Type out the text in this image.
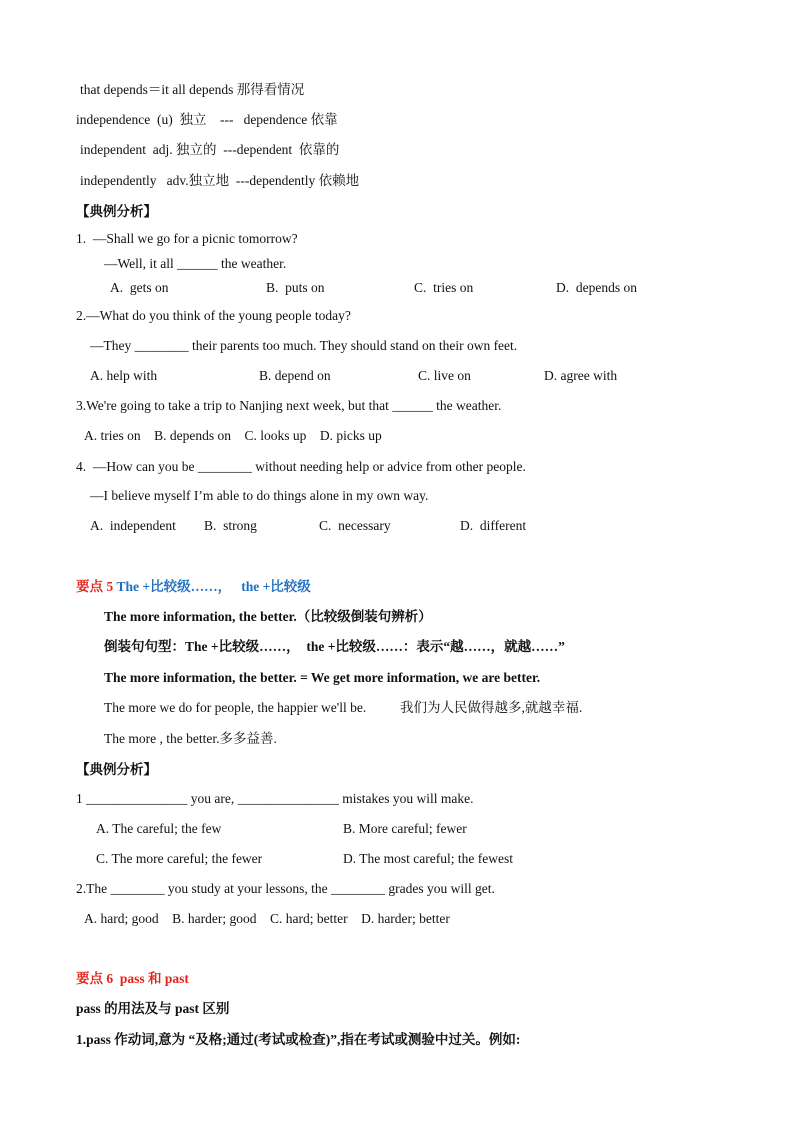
that depends＝it all depends 那得看情况
independence  (u)  独立    ---   dependence 依靠
independent  adj. 独立的  ---dependent  依靠的
independently   adv.独立地  ---dependently 依赖地
【典例分析】
1.  —Shall we go for a picnic tomorrow?
—Well, it all ______ the weather.
A.  gets on	B.  puts on	C.  tries on	D.  depends on
2.—What do you think of the young people today?
—They ________ their parents too much. They should stand on their own feet.
A. help with	B. depend on	C. live on	D. agree with
3.We're going to take a trip to Nanjing next week, but that ______ the weather.
A. tries on    B. depends on    C. looks up    D. picks up
4.  —How can you be ________ without needing help or advice from other people.
—I believe myself I’m able to do things alone in my own way.
A.  independent B.  strong	C.  necessary	D.  different
要点 5 The +比较级……，   the +比较级
The more information, the better.（比较级倒装句辨析）
倒装句句型：The +比较级……，  the +比较级……：表示“越……，就越……”
The more information, the better. = We get more information, we are better.
The more we do for people, the happier we'll be.	我们为人民做得越多,就越幸福.
The more , the better.多多益善.
【典例分析】
1 _______________ you are, _______________ mistakes you will make.
A. The careful; the few	B. More careful; fewer
C. The more careful; the fewer	D. The most careful; the fewest
2.The ________ you study at your lessons, the ________ grades you will get.
A. hard; good    B. harder; good    C. hard; better    D. harder; better
要点 6  pass 和 past
pass 的用法及与 past 区别
1.pass 作动词,意为 “及格;通过(考试或检查)”,指在考试或测验中过关。例如:
